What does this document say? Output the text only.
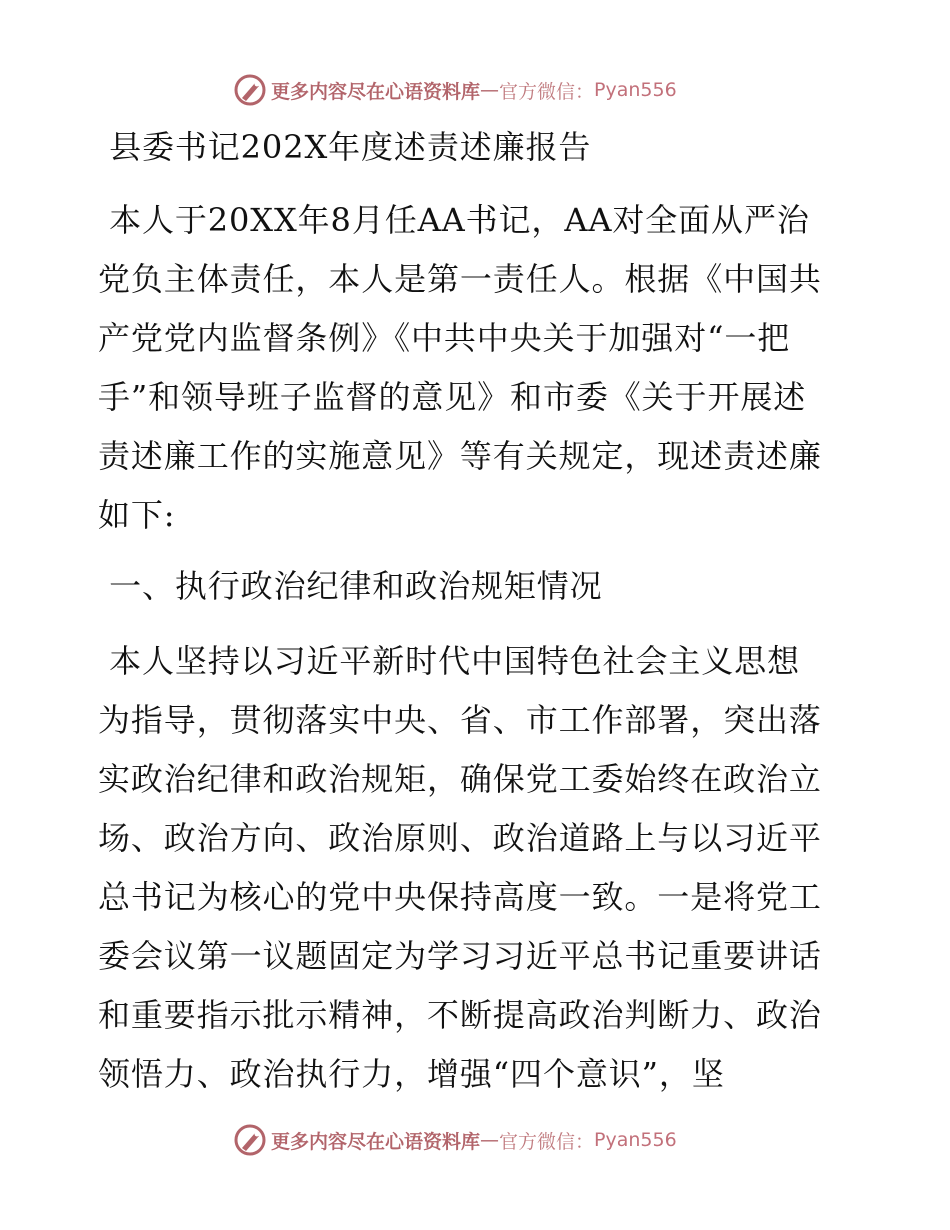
更多内容尽在心语资料库 — 官方微信： Pyan556

县委书记202X年度述责述廉报告

本人于20XX年8月任AA书记，AA对全面从严治

党负主体责任，本人是第一责任人。根据《中国共

产党党内监督条例》《中共中央关于加强对“一把

手”和领导班子监督的意见》和市委《关于开展述

责述廉工作的实施意见》等有关规定，现述责述廉

如下:

一、执行政治纪律和政治规矩情况

本人坚持以习近平新时代中国特色社会主义思想

为指导，贯彻落实中央、省、市工作部署，突出落

实政治纪律和政治规矩，确保党工委始终在政治立

场、政治方向、政治原则、政治道路上与以习近平

总书记为核心的党中央保持高度一致。一是将党工

委会议第一议题固定为学习习近平总书记重要讲话

和重要指示批示精神，不断提高政治判断力、政治

领悟力、政治执行力，增强“四个意识”，坚

更多内容尽在心语资料库 — 官方微信： Pyan556
